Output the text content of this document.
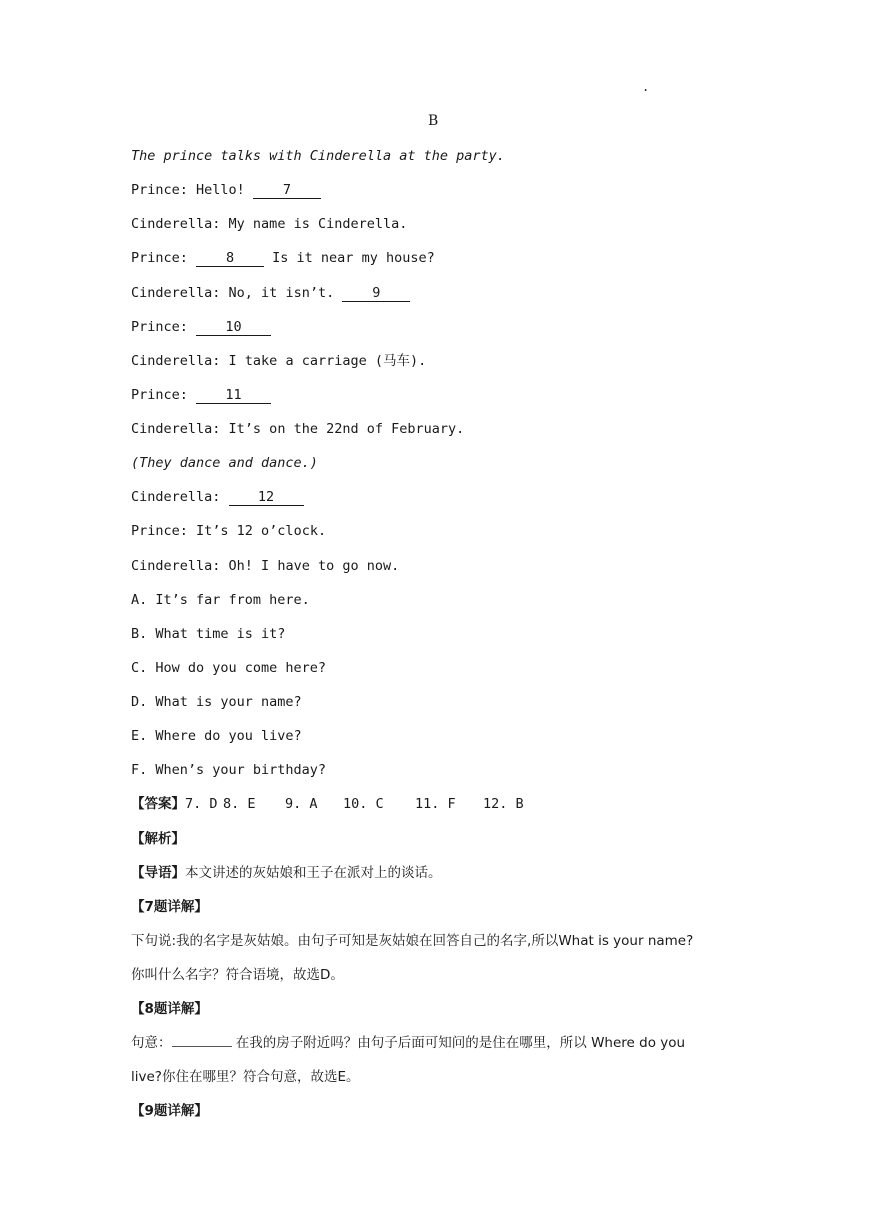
.
B
The prince talks with Cinderella at the party.
Prince: Hello! 7
Cinderella: My name is Cinderella.
Prince: 8 Is it near my house?
Cinderella: No, it isn’t. 9
Prince: 10
Cinderella: I take a carriage (马车).
Prince: 11
Cinderella: It’s on the 22nd of February.
(They dance and dance.)
Cinderella: 12
Prince: It’s 12 o’clock.
Cinderella: Oh! I have to go now.
A. It’s far from here.
B. What time is it?
C. How do you come here?
D. What is your name?
E. Where do you live?
F. When’s your birthday?
【答案】7. D 8. E 9. A 10. C 11. F 12. B
【解析】
【导语】本文讲述的灰姑娘和王子在派对上的谈话。
【7题详解】
下句说:我的名字是灰姑娘。由句子可知是灰姑娘在回答自己的名字,所以What is your name?
你叫什么名字？符合语境，故选D。
【8题详解】
句意：	在我的房子附近吗？由句子后面可知问的是住在哪里，所以 Where do you
live?你住在哪里？符合句意，故选E。
【9题详解】
